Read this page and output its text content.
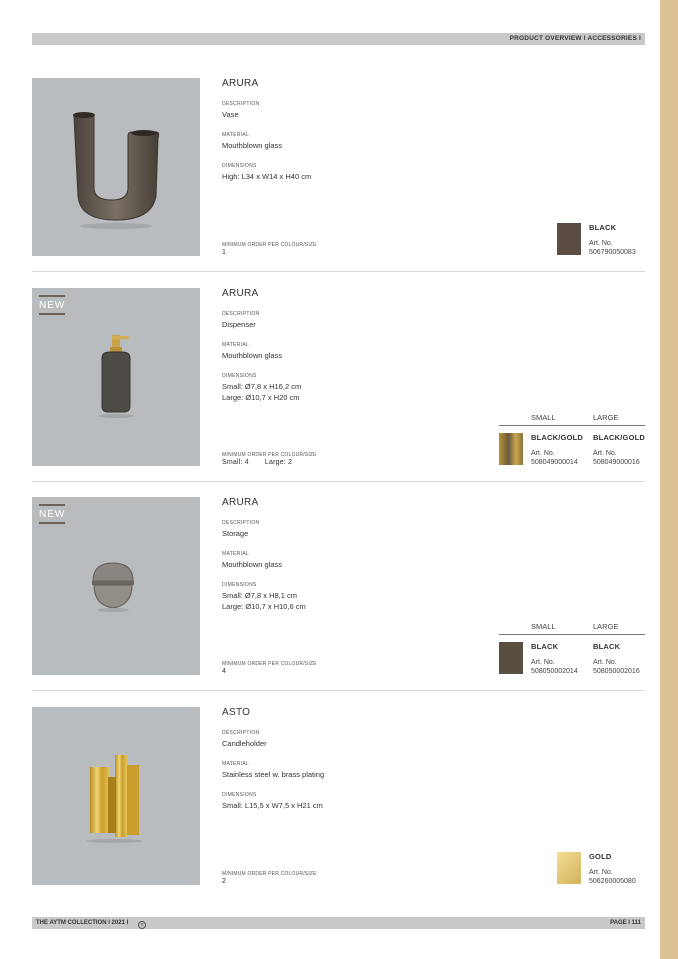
PRODUCT OVERVIEW I ACCESSORIES I
ARURA
DESCRIPTION
Vase
MATERIAL
Mouthblown glass
DIMENSIONS
High: L34 x W14 x H40 cm
MINIMUM ORDER PER COLOUR/SIZE
1
BLACK
Art. No.
506790050083
NEW
ARURA
DESCRIPTION
Dispenser
MATERIAL
Mouthblown glass
DIMENSIONS
Small: Ø7,8 x H16,2 cm
Large: Ø10,7 x H20 cm
MINIMUM ORDER PER COLOUR/SIZE
Small: 4 Large: 2
SMALL	LARGE
BLACK/GOLD BLACK/GOLD
Art. No.
508049000014
Art. No.
508049000016
NEW
ARURA
DESCRIPTION
Storage
MATERIAL
Mouthblown glass
DIMENSIONS
Small: Ø7,8 x H8,1 cm
Large: Ø10,7 x H10,6 cm
MINIMUM ORDER PER COLOUR/SIZE
4
SMALL	LARGE
BLACK	BLACK
Art. No.
508050002014
Art. No.
508050002016
ASTO
DESCRIPTION
Candleholder
MATERIAL
Stainless steel w. brass plating
DIMENSIONS
Small: L15,5 x W7,5 x H21 cm
MINIMUM ORDER PER COLOUR/SIZE
2
GOLD
Art. No.
506260005080
THE AYTM COLLECTION I 2021 I	®	PAGE I 111
